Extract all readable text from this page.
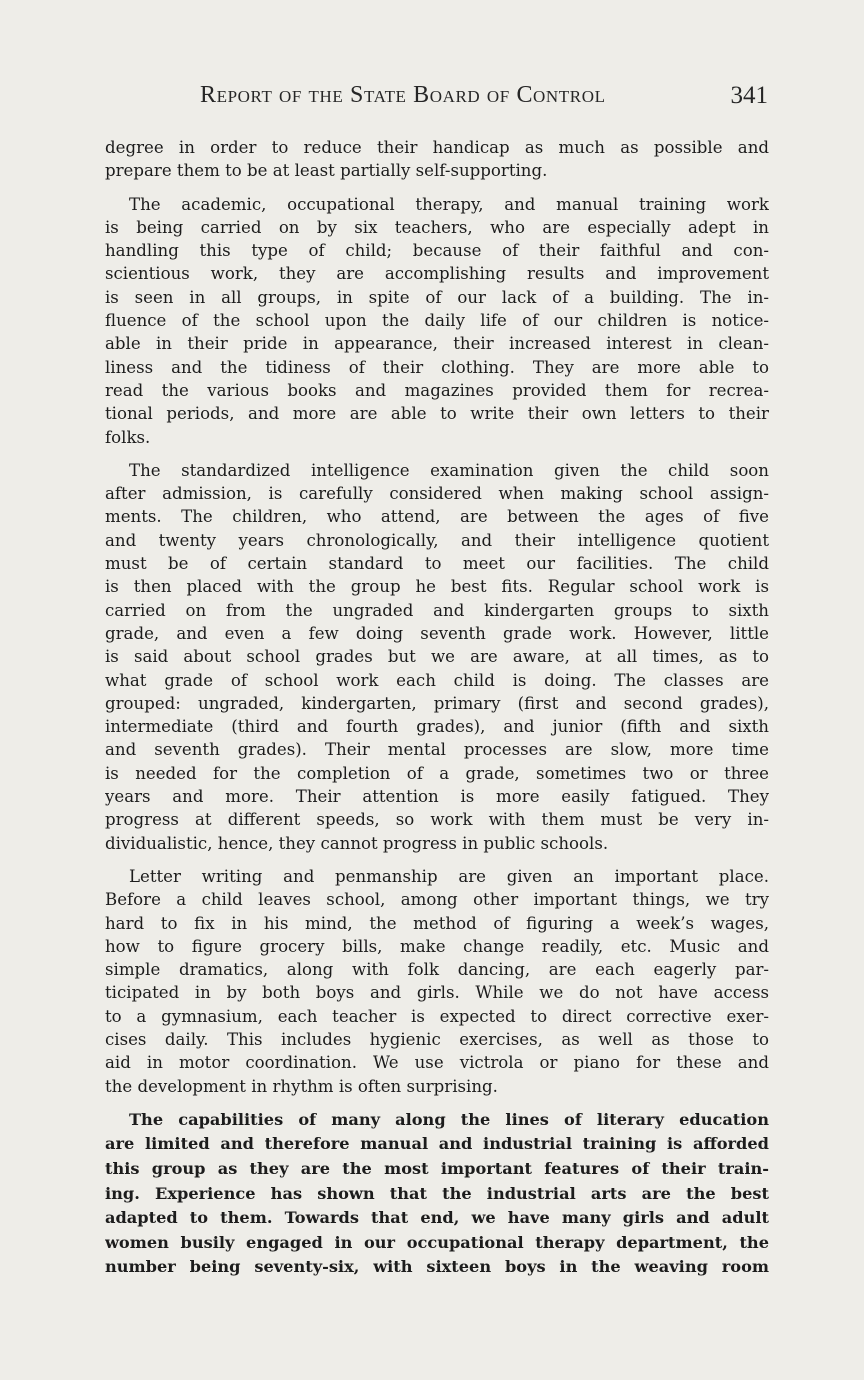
Report of the State Board of Control	341
degree in order to reduce their handicap as much as possible and
prepare them to be at least partially self-supporting.
The academic, occupational therapy, and manual training work
is being carried on by six teachers, who are especially adept in
handling this type of child; because of their faithful and con-
scientious work, they are accomplishing results and improvement
is seen in all groups, in spite of our lack of a building. The in-
fluence of the school upon the daily life of our children is notice-
able in their pride in appearance, their increased interest in clean-
liness and the tidiness of their clothing. They are more able to
read the various books and magazines provided them for recrea-
tional periods, and more are able to write their own letters to their
folks.
The standardized intelligence examination given the child soon
after admission, is carefully considered when making school assign-
ments. The children, who attend, are between the ages of five
and twenty years chronologically, and their intelligence quotient
must be of certain standard to meet our facilities. The child
is then placed with the group he best fits. Regular school work is
carried on from the ungraded and kindergarten groups to sixth
grade, and even a few doing seventh grade work. However, little
is said about school grades but we are aware, at all times, as to
what grade of school work each child is doing. The classes are
grouped: ungraded, kindergarten, primary (first and second grades),
intermediate (third and fourth grades), and junior (fifth and sixth
and seventh grades). Their mental processes are slow, more time
is needed for the completion of a grade, sometimes two or three
years and more. Their attention is more easily fatigued. They
progress at different speeds, so work with them must be very in-
dividualistic, hence, they cannot progress in public schools.
Letter writing and penmanship are given an important place.
Before a child leaves school, among other important things, we try
hard to fix in his mind, the method of figuring a week’s wages,
how to figure grocery bills, make change readily, etc. Music and
simple dramatics, along with folk dancing, are each eagerly par-
ticipated in by both boys and girls. While we do not have access
to a gymnasium, each teacher is expected to direct corrective exer-
cises daily. This includes hygienic exercises, as well as those to
aid in motor coordination. We use victrola or piano for these and
the development in rhythm is often surprising.
The capabilities of many along the lines of literary education
are limited and therefore manual and industrial training is afforded
this group as they are the most important features of their train-
ing. Experience has shown that the industrial arts are the best
adapted to them. Towards that end, we have many girls and adult
women busily engaged in our occupational therapy department, the
number being seventy-six, with sixteen boys in the weaving room
